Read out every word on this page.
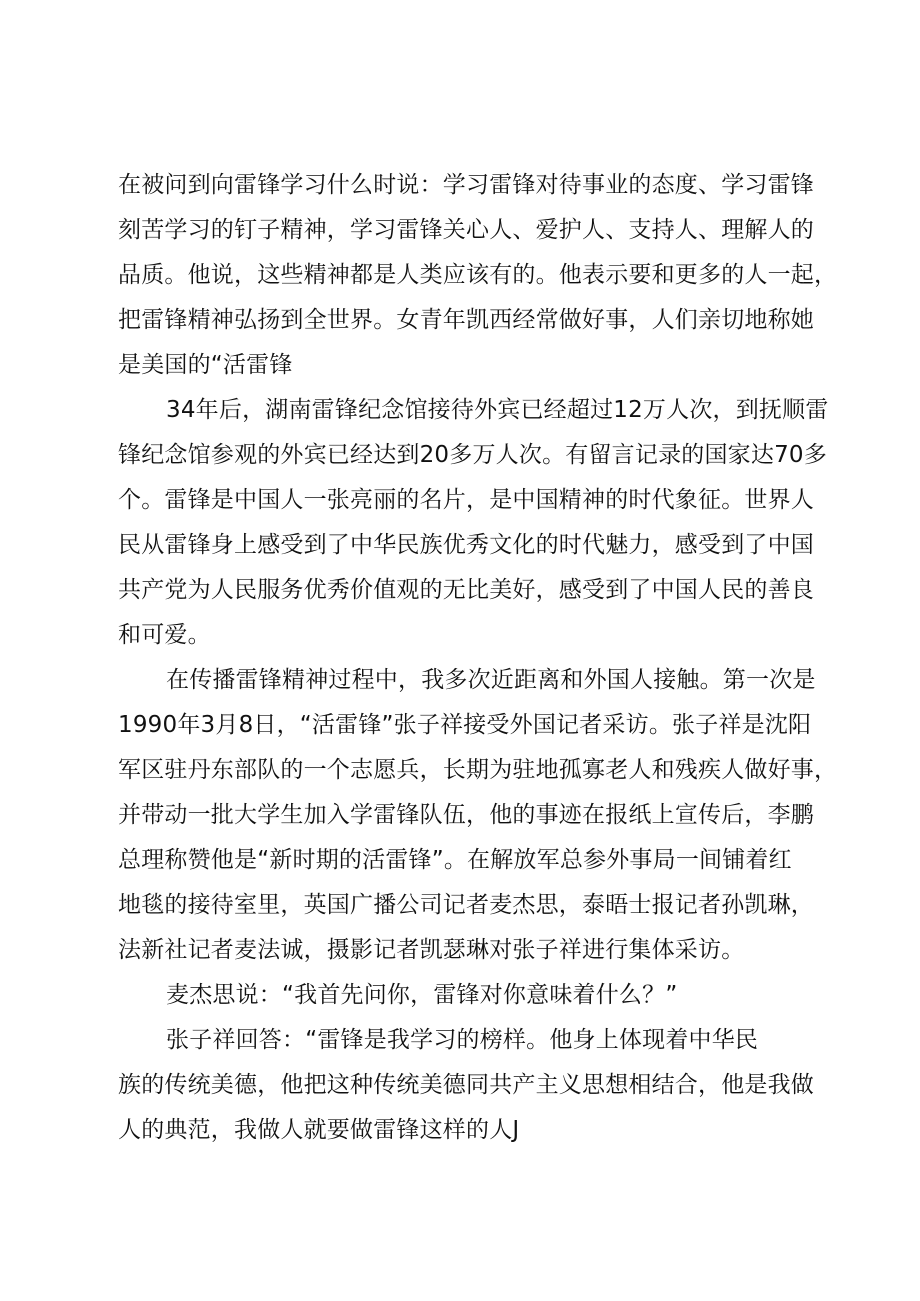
在被问到向雷锋学习什么时说：学习雷锋对待事业的态度、学习雷锋
刻苦学习的钉子精神，学习雷锋关心人、爱护人、支持人、理解人的
品质。他说，这些精神都是人类应该有的。他表示要和更多的人一起，
把雷锋精神弘扬到全世界。女青年凯西经常做好事，人们亲切地称她
是美国的“活雷锋
34年后，湖南雷锋纪念馆接待外宾已经超过12万人次，到抚顺雷
锋纪念馆参观的外宾已经达到20多万人次。有留言记录的国家达70多
个。雷锋是中国人一张亮丽的名片，是中国精神的时代象征。世界人
民从雷锋身上感受到了中华民族优秀文化的时代魅力，感受到了中国
共产党为人民服务优秀价值观的无比美好，感受到了中国人民的善良
和可爱。
在传播雷锋精神过程中，我多次近距离和外国人接触。第一次是
1990年3月8日，“活雷锋”张子祥接受外国记者采访。张子祥是沈阳
军区驻丹东部队的一个志愿兵，长期为驻地孤寡老人和残疾人做好事，
并带动一批大学生加入学雷锋队伍，他的事迹在报纸上宣传后，李鹏
总理称赞他是“新时期的活雷锋”。在解放军总参外事局一间铺着红
地毯的接待室里，英国广播公司记者麦杰思，泰晤士报记者孙凯琳，
法新社记者麦法诚，摄影记者凯瑟琳对张子祥进行集体采访。
麦杰思说：“我首先问你，雷锋对你意味着什么？”
张子祥回答：“雷锋是我学习的榜样。他身上体现着中华民
族的传统美德，他把这种传统美德同共产主义思想相结合，他是我做
人的典范，我做人就要做雷锋这样的人J
